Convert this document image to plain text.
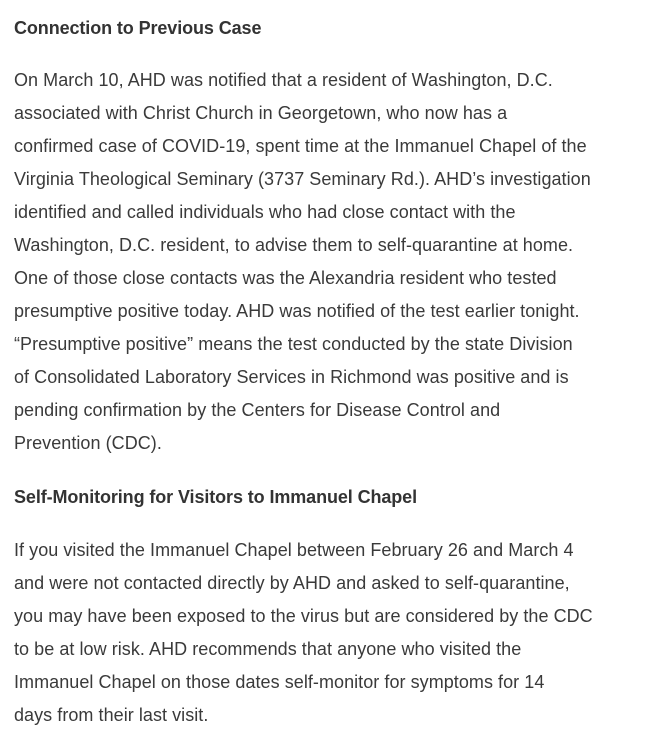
Connection to Previous Case

On March 10, AHD was notified that a resident of Washington, D.C.
associated with Christ Church in Georgetown, who now has a
confirmed case of COVID-19, spent time at the Immanuel Chapel of the
Virginia Theological Seminary (3737 Seminary Rd.). AHD’s investigation
identified and called individuals who had close contact with the
Washington, D.C. resident, to advise them to self-quarantine at home.
One of those close contacts was the Alexandria resident who tested
presumptive positive today. AHD was notified of the test earlier tonight.
“Presumptive positive” means the test conducted by the state Division
of Consolidated Laboratory Services in Richmond was positive and is
pending confirmation by the Centers for Disease Control and
Prevention (CDC).

Self-Monitoring for Visitors to Immanuel Chapel

If you visited the Immanuel Chapel between February 26 and March 4
and were not contacted directly by AHD and asked to self-quarantine,
you may have been exposed to the virus but are considered by the CDC
to be at low risk. AHD recommends that anyone who visited the
Immanuel Chapel on those dates self-monitor for symptoms for 14
days from their last visit.
